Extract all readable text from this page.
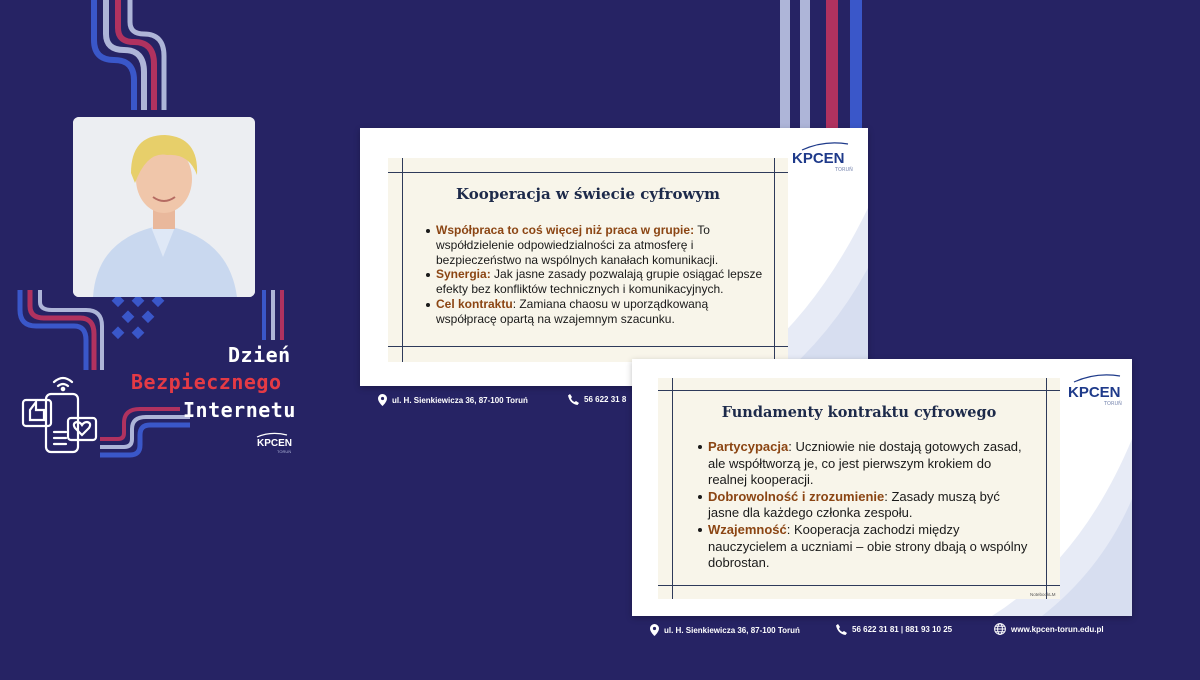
Dzień
Bezpiecznego
Internetu
KPCEN
TORUŃ
Kooperacja w świecie cyfrowym
Współpraca to coś więcej niż praca w grupie: To współdzielenie odpowiedzialności za atmosferę i bezpieczeństwo na wspólnych kanałach komunikacji.
Synergia: Jak jasne zasady pozwalają grupie osiągać lepsze efekty bez konfliktów technicznych i komunikacyjnych.
Cel kontraktu: Zamiana chaosu w uporządkowaną współpracę opartą na wzajemnym szacunku.
KPCEN
TORUŃ
ul. H. Sienkiewicza 36, 87-100 Toruń	56 622 31 8
Fundamenty kontraktu cyfrowego
Partycypacja: Uczniowie nie dostają gotowych zasad, ale współtworzą je, co jest pierwszym krokiem do realnej kooperacji.
Dobrowolność i zrozumienie: Zasady muszą być jasne dla każdego członka zespołu.
Wzajemność: Kooperacja zachodzi między nauczycielem a uczniami – obie strony dbają o wspólny dobrostan.
KPCEN
TORUŃ
NotebookLM
ul. H. Sienkiewicza 36, 87-100 Toruń	56 622 31 81 | 881 93 10 25	www.kpcen-torun.edu.pl
